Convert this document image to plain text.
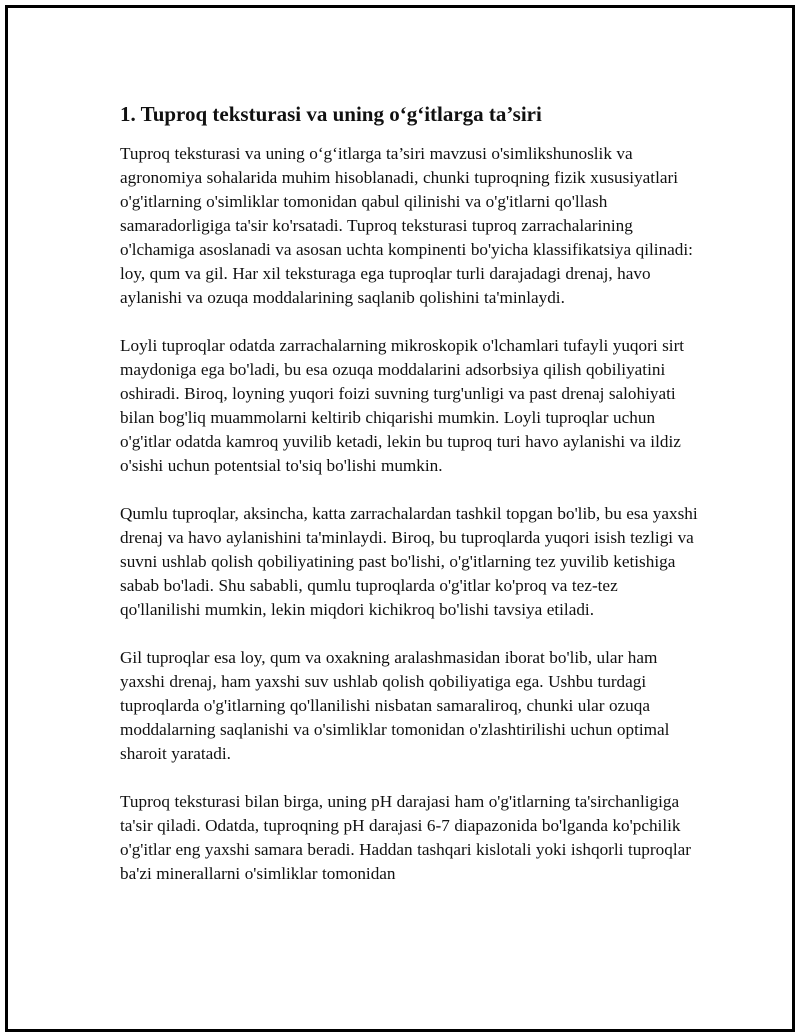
1. Tuproq teksturasi va uning o‘g‘itlarga ta’siri

Tuproq teksturasi va uning o‘g‘itlarga ta’siri mavzusi o'simlikshunoslik va agronomiya sohalarida muhim hisoblanadi, chunki tuproqning fizik xususiyatlari o'g'itlarning o'simliklar tomonidan qabul qilinishi va o'g'itlarni qo'llash samaradorligiga ta'sir ko'rsatadi. Tuproq teksturasi tuproq zarrachalarining o'lchamiga asoslanadi va asosan uchta kompinenti bo'yicha klassifikatsiya qilinadi: loy, qum va gil. Har xil teksturaga ega tuproqlar turli darajadagi drenaj, havo aylanishi va ozuqa moddalarining saqlanib qolishini ta'minlaydi.

Loyli tuproqlar odatda zarrachalarning mikroskopik o'lchamlari tufayli yuqori sirt maydoniga ega bo'ladi, bu esa ozuqa moddalarini adsorbsiya qilish qobiliyatini oshiradi. Biroq, loyning yuqori foizi suvning turg'unligi va past drenaj salohiyati bilan bog'liq muammolarni keltirib chiqarishi mumkin. Loyli tuproqlar uchun o'g'itlar odatda kamroq yuvilib ketadi, lekin bu tuproq turi havo aylanishi va ildiz o'sishi uchun potentsial to'siq bo'lishi mumkin.

Qumlu tuproqlar, aksincha, katta zarrachalardan tashkil topgan bo'lib, bu esa yaxshi drenaj va havo aylanishini ta'minlaydi. Biroq, bu tuproqlarda yuqori isish tezligi va suvni ushlab qolish qobiliyatining past bo'lishi, o'g'itlarning tez yuvilib ketishiga sabab bo'ladi. Shu sababli, qumlu tuproqlarda o'g'itlar ko'proq va tez-tez qo'llanilishi mumkin, lekin miqdori kichikroq bo'lishi tavsiya etiladi.

Gil tuproqlar esa loy, qum va oxakning aralashmasidan iborat bo'lib, ular ham yaxshi drenaj, ham yaxshi suv ushlab qolish qobiliyatiga ega. Ushbu turdagi tuproqlarda o'g'itlarning qo'llanilishi nisbatan samaraliroq, chunki ular ozuqa moddalarning saqlanishi va o'simliklar tomonidan o'zlashtirilishi uchun optimal sharoit yaratadi.

Tuproq teksturasi bilan birga, uning pH darajasi ham o'g'itlarning ta'sirchanligiga ta'sir qiladi. Odatda, tuproqning pH darajasi 6-7 diapazonida bo'lganda ko'pchilik o'g'itlar eng yaxshi samara beradi. Haddan tashqari kislotali yoki ishqorli tuproqlar ba'zi minerallarni o'simliklar tomonidan
